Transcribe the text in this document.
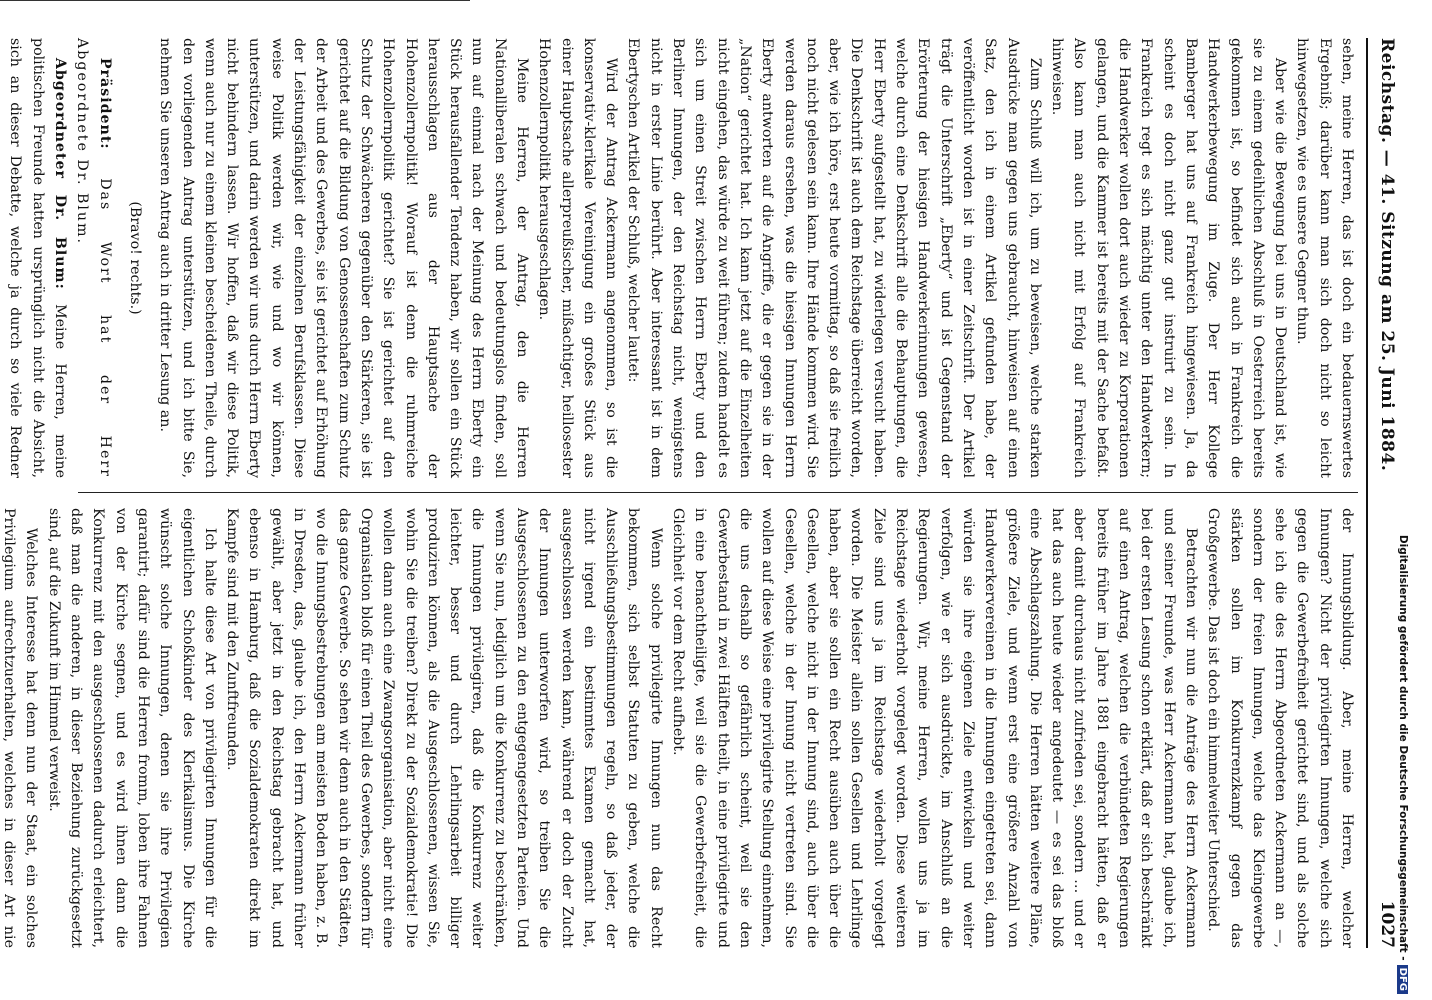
Reichstag. — 41. Sitzung am 25. Juni 1884.
1027

sehen, meine Herren, das ist doch ein bedauernswertes Ergebniß; darüber kann man sich doch nicht so leicht hinwegsetzen, wie es unsere Gegner thun.

Aber wie die Bewegung bei uns in Deutschland ist, wie sie zu einem gedeihlichen Abschluß in Oesterreich bereits gekommen ist, so befindet sich auch in Frankreich die Handwerkerbewegung im Zuge. Der Herr Kollege Bamberger hat uns auf Frankreich hingewiesen. Ja, da scheint es doch nicht ganz gut instruirt zu sein. In Frankreich regt es sich mächtig unter den Handwerkern; die Handwerker wollen dort auch wieder zu Korporationen gelangen, und die Kammer ist bereits mit der Sache befaßt. Also kann man auch nicht mit Erfolg auf Frankreich hinweisen.

Zum Schluß will ich, um zu beweisen, welche starken Ausdrücke man gegen uns gebraucht, hinweisen auf einen Satz, den ich in einem Artikel gefunden habe, der veröffentlicht worden ist in einer Zeitschrift. Der Artikel trägt die Unterschrift „Eberty“ und ist Gegenstand der Erörterung der hiesigen Handwerkerinnungen gewesen, welche durch eine Denkschrift alle die Behauptungen, die Herr Eberty aufgestellt hat, zu widerlegen versucht haben. Die Denkschrift ist auch dem Reichstage überreicht worden, aber, wie ich höre, erst heute vormittag, so daß sie freilich noch nicht gelesen sein kann. Ihre Hände kommen wird. Sie werden daraus ersehen, was die hiesigen Innungen Herrn Eberty antworten auf die Angriffe, die er gegen sie in der „Nation“ gerichtet hat. Ich kann jetzt auf die Einzelheiten nicht eingehen, das würde zu weit führen; zudem handelt es sich um einen Streit zwischen Herrn Eberty und den Berliner Innungen, der den Reichstag nicht, wenigstens nicht in erster Linie berührt. Aber interessant ist in dem Ebertyschen Artikel der Schluß, welcher lautet:

Wird der Antrag Ackermann angenommen, so ist die konservativ-klerikale Vereinigung ein großes Stück aus einer Hauptsache allerpreußischer, mißachtiger, heillosester Hohenzollernpolitik herausgeschlagen.

Meine Herren, der Antrag, den die Herren Nationalliberalen schwach und bedeutungslos finden, soll nun auf einmal nach der Meinung des Herrn Eberty ein Stück herausfallender Tendenz haben, wir sollen ein Stück herausschlagen aus der Hauptsache der Hohenzollernpolitik! Worauf ist denn die ruhmreiche Hohenzollernpolitik gerichtet? Sie ist gerichtet auf den Schutz der Schwächeren gegenüber den Stärkeren, sie ist gerichtet auf die Bildung von Genossenschaften zum Schutz der Arbeit und des Gewerbes, sie ist gerichtet auf Erhöhung der Leistungsfähigkeit der einzelnen Berufsklassen. Diese weise Politik werden wir, wie und wo wir können, unterstützen, und darin werden wir uns durch Herrn Eberty nicht behindern lassen. Wir hoffen, daß wir diese Politik, wenn auch nur zu einem kleinen bescheidenen Theile, durch den vorliegenden Antrag unterstützen, und ich bitte Sie, nehmen Sie unseren Antrag auch in dritter Lesung an.

(Bravo! rechts.)

Präsident: Das Wort hat der Herr Abgeordnete Dr. Blum.

Abgeordneter Dr. Blum: Meine Herren, meine politischen Freunde hatten ursprünglich nicht die Absicht, sich an dieser Debatte, welche ja durch so viele Redner

der Innungsbildung. Aber, meine Herren, welcher Innungen? Nicht der privilegirten Innungen, welche sich gegen die Gewerbefreiheit gerichtet sind, und als solche sehe ich die des Herrn Abgeordneten Ackermann an —, sondern der freien Innungen, welche das Kleingewerbe stärken sollen im Konkurrenzkampf gegen das Großgewerbe. Das ist doch ein himmelweiter Unterschied.

Betrachten wir nun die Anträge des Herrn Ackermann und seiner Freunde, was Herr Ackermann hat, glaube ich, bei der ersten Lesung schon erklärt, daß er sich beschränkt auf einen Antrag, welchen die verbündeten Regierungen bereits früher im Jahre 1881 eingebracht hätten, daß er aber damit durchaus nicht zufrieden sei, sondern … und er hat das auch heute wieder angedeutet — es sei das bloß eine Abschlagszahlung. Die Herren hätten weitere Pläne, größere Ziele, und wenn erst eine größere Anzahl von Handwerkervereinen in die Innungen eingetreten sei, dann würden sie ihre eigenen Ziele entwickeln und weiter verfolgen, wie er sich ausdrückte, im Anschluß an die Regierungen. Wir, meine Herren, wollen uns ja im Reichstage wiederholt vorgelegt worden. Diese weiteren Ziele sind uns ja im Reichstage wiederholt vorgelegt worden. Die Meister allein sollen Gesellen und Lehrlinge haben, aber sie sollen ein Recht ausüben auch über die Gesellen, welche nicht in der Innung sind, auch über die Gesellen, welche in der Innung nicht vertreten sind. Sie wollen auf diese Weise eine privilegirte Stellung einnehmen, die uns deshalb so gefährlich scheint, weil sie den Gewerbestand in zwei Hälften theilt, in eine privilegirte und in eine benachtheiligte, weil sie die Gewerbefreiheit, die Gleichheit vor dem Recht aufhebt.

Wenn solche privilegirte Innungen nun das Recht bekommen, sich selbst Statuten zu geben, welche die Ausschließungsbestimmungen regeln, so daß jeder, der nicht irgend ein bestimmtes Examen gemacht hat, ausgeschlossen werden kann, während er doch der Zucht der Innungen unterworfen wird, so treiben Sie die Ausgeschlossenen zu den entgegengesetzten Parteien. Und wenn Sie nun, lediglich um die Konkurrenz zu beschränken, die Innungen privilegiren, daß die Konkurrenz weiter leichter, besser und durch Lehrlingsarbeit billiger produziren können, als die Ausgeschlossenen, wissen Sie, wohin Sie die treiben? Direkt zu der Sozialdemokratie! Die wollen dann auch eine Zwangsorganisation, aber nicht eine Organisation bloß für einen Theil des Gewerbes, sondern für das ganze Gewerbe. So sehen wir denn auch in den Städten, wo die Innungsbestrebungen am meisten Boden haben, z. B. in Dresden, das, glaube ich, den Herrn Ackermann früher gewählt, aber jetzt in den Reichstag gebracht hat, und ebenso in Hamburg, daß die Sozialdemokraten direkt im Kampfe sind mit den Zunftfreunden.

Ich halte diese Art von privilegirten Innungen für die eigentlichen Schoßkinder des Klerikalismus. Die Kirche wünscht solche Innungen, denen sie ihre Privilegien garantirt; dafür sind die Herren fromm, loben ihre Fahnen von der Kirche segnen, und es wird ihnen dann die Konkurrenz mit den ausgeschlossenen dadurch erleichtert, daß man die anderen, in dieser Beziehung zurückgesetzt sind, auf die Zukunft im Himmel verweist.

Welches Interesse hat denn nun der Staat, ein solches Privilegium aufrechtzuerhalten, welches in dieser Art nie	Digitalisierung gefördert durch die Deutsche Forschungsgemeinschaft -
DFG
